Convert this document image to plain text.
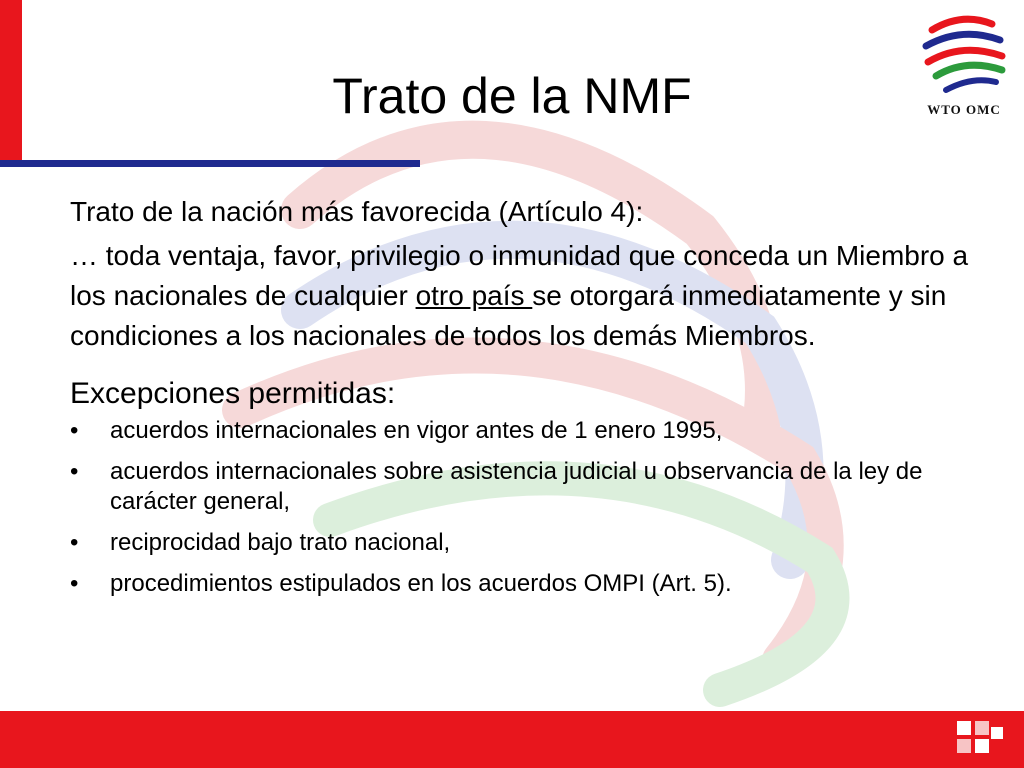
WTO OMC
Trato de la NMF

Trato de la nación más favorecida (Artículo 4):

… toda ventaja, favor, privilegio o inmunidad que conceda un Miembro a los nacionales de cualquier otro país se otorgará inmediatamente y sin condiciones a los nacionales de todos los demás Miembros.

Excepciones permitidas:

• acuerdos internacionales en vigor antes de 1 enero 1995,
• acuerdos internacionales sobre asistencia judicial u observancia de la ley de carácter general,
• reciprocidad bajo trato nacional,
• procedimientos estipulados en los acuerdos OMPI (Art. 5).
